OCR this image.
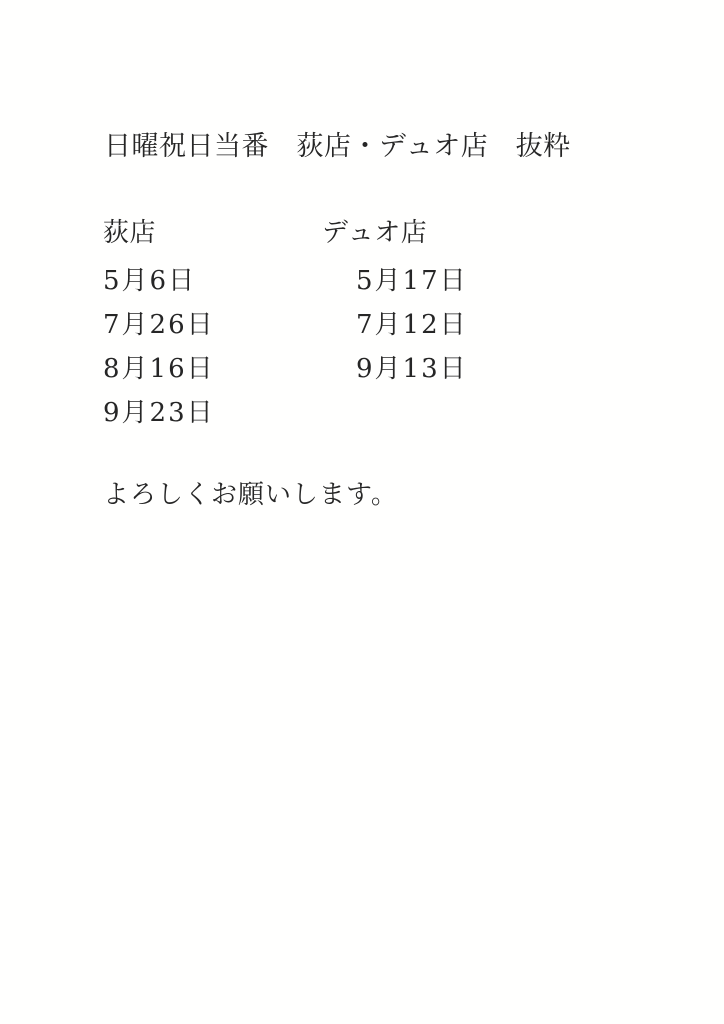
日曜祝日当番　荻店・デュオ店　抜粋
荻店
5月6日
7月26日
8月16日
9月23日
デュオ店
5月17日
7月12日
9月13日

よろしくお願いします。
